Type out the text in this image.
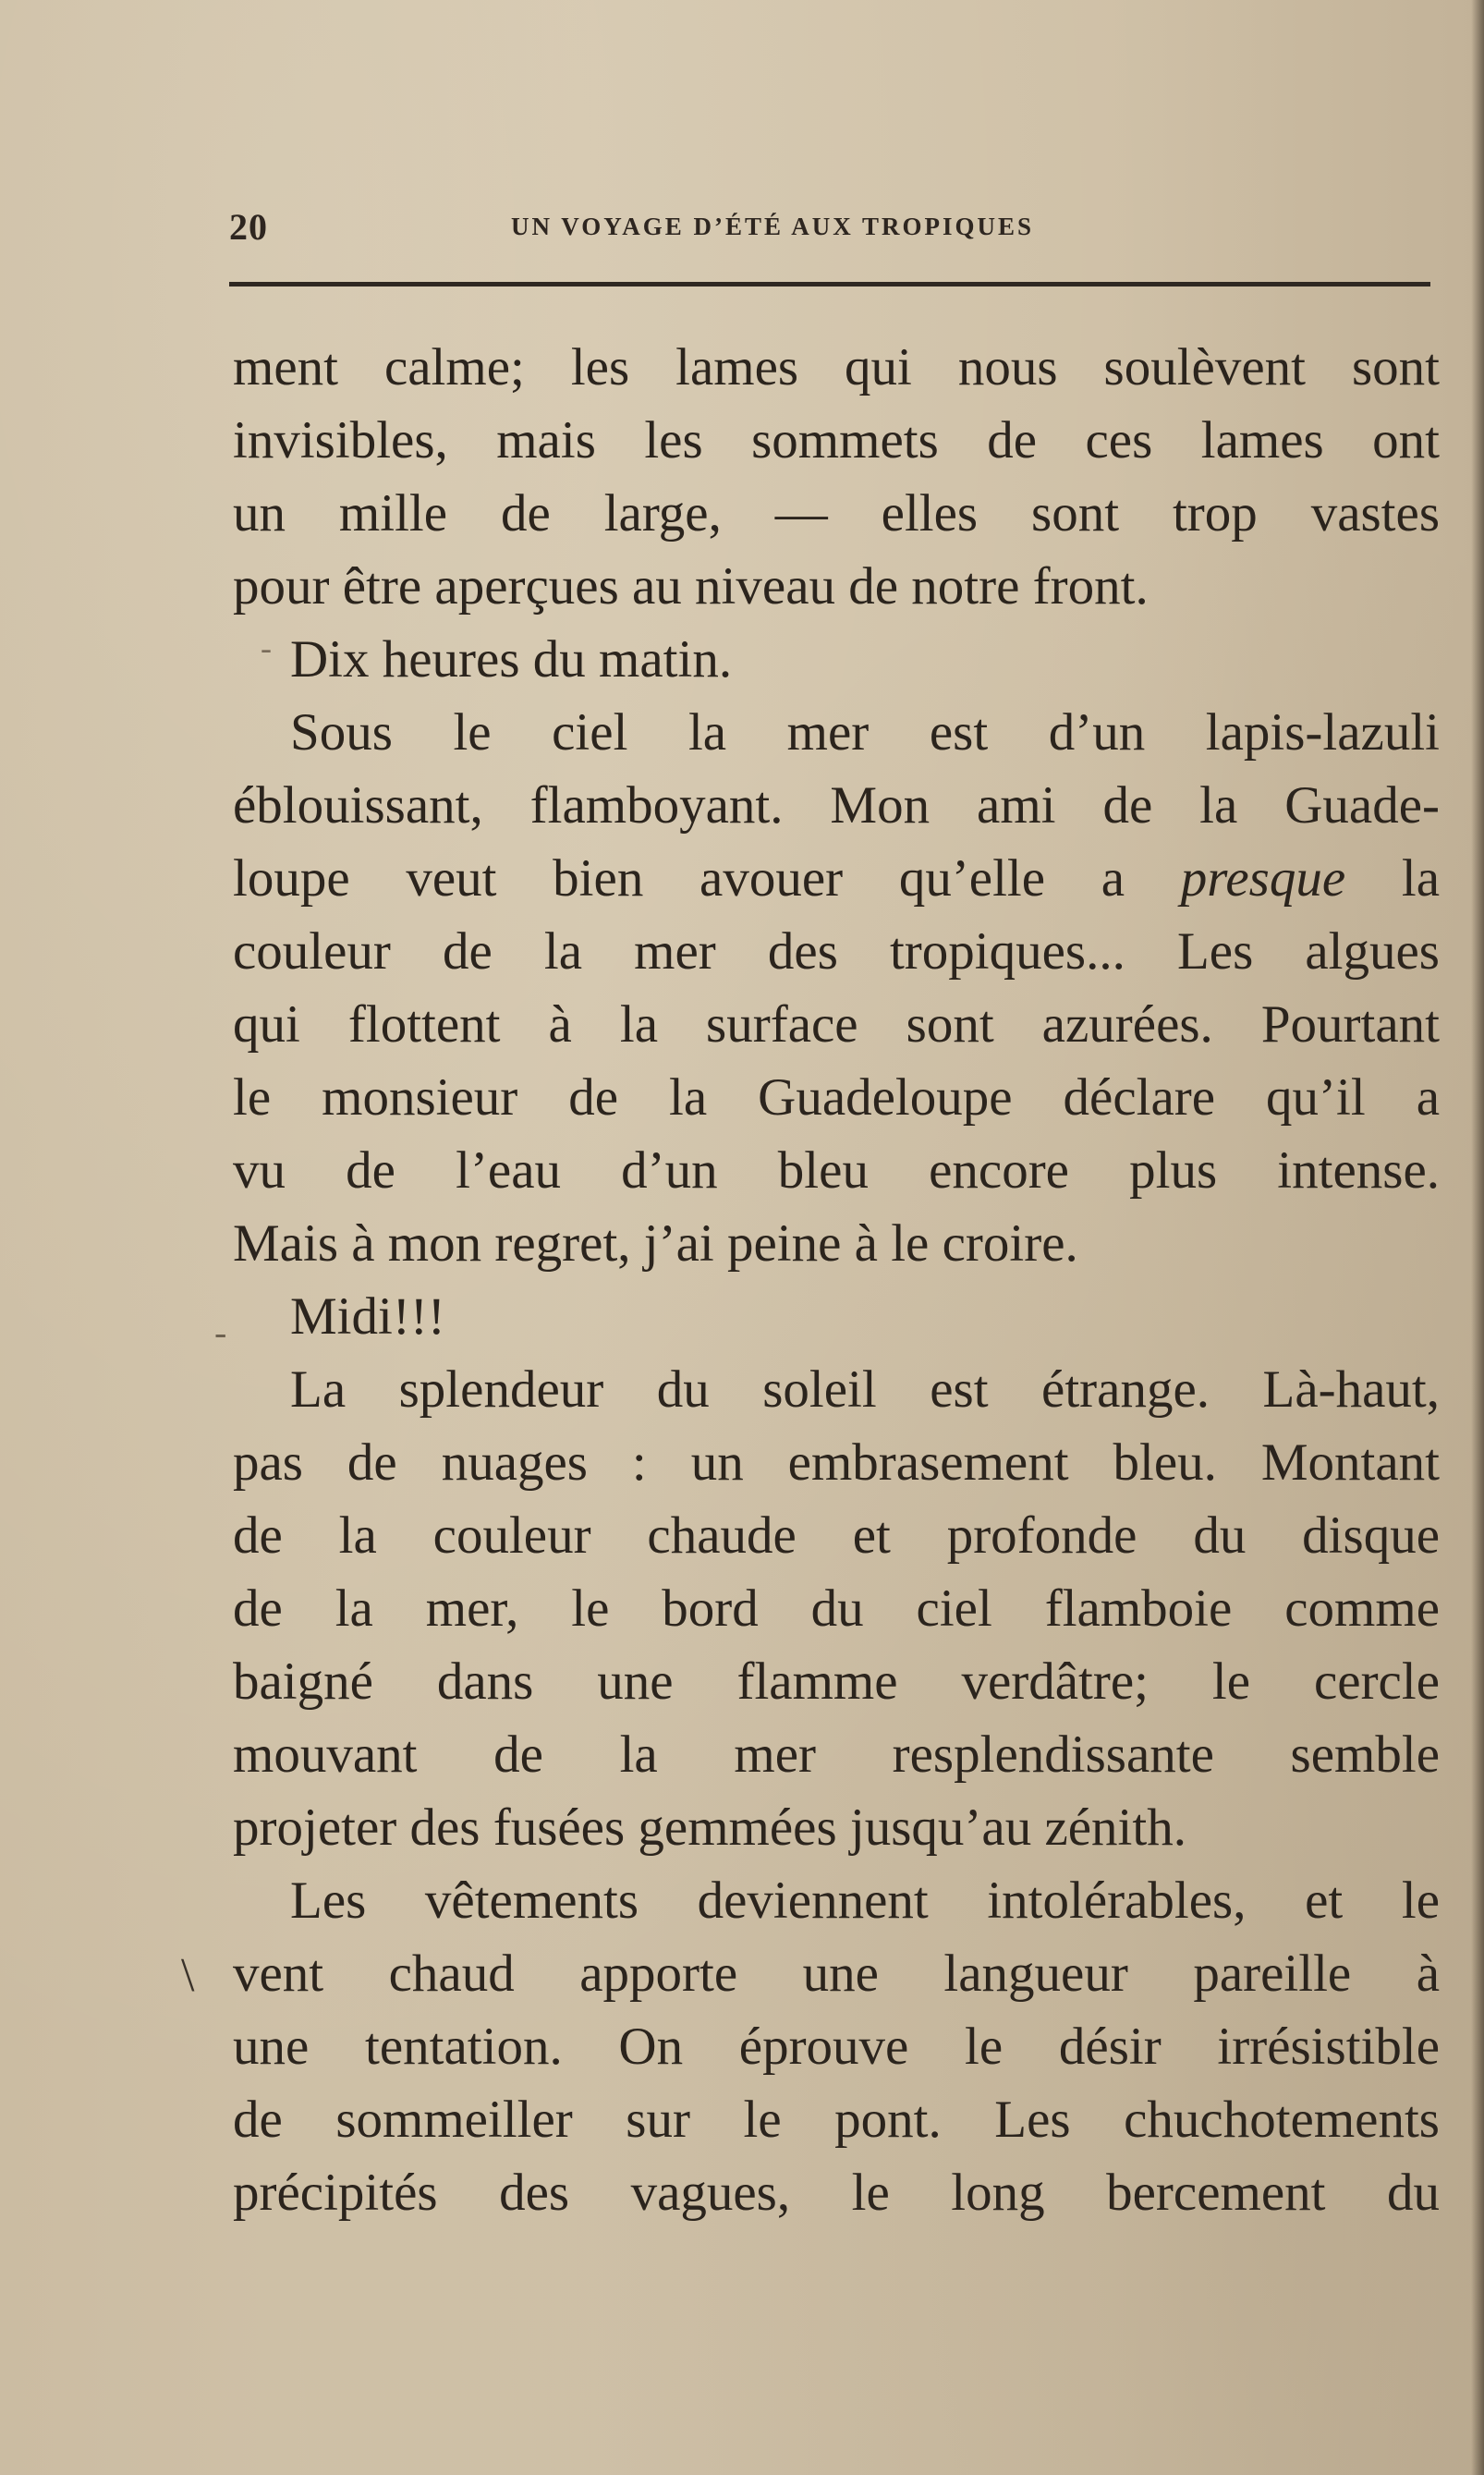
20	UN VOYAGE D’ÉTÉ AUX TROPIQUES
-
-
\
ment calme; les lames qui nous soulèvent sont
invisibles, mais les sommets de ces lames ont
un mille de large, — elles sont trop vastes
pour être aperçues au niveau de notre front.
Dix heures du matin.
Sous le ciel la mer est d’un lapis-lazuli
éblouissant, flamboyant. Mon ami de la Guade-
loupe veut bien avouer qu’elle a presque la
couleur de la mer des tropiques... Les algues
qui flottent à la surface sont azurées. Pourtant
le monsieur de la Guadeloupe déclare qu’il a
vu de l’eau d’un bleu encore plus intense.
Mais à mon regret, j’ai peine à le croire.
Midi!!!
La splendeur du soleil est étrange. Là-haut,
pas de nuages : un embrasement bleu. Montant
de la couleur chaude et profonde du disque
de la mer, le bord du ciel flamboie comme
baigné dans une flamme verdâtre; le cercle
mouvant de la mer resplendissante semble
projeter des fusées gemmées jusqu’au zénith.
Les vêtements deviennent intolérables, et le
vent chaud apporte une langueur pareille à
une tentation. On éprouve le désir irrésistible
de sommeiller sur le pont. Les chuchotements
précipités des vagues, le long bercement du
